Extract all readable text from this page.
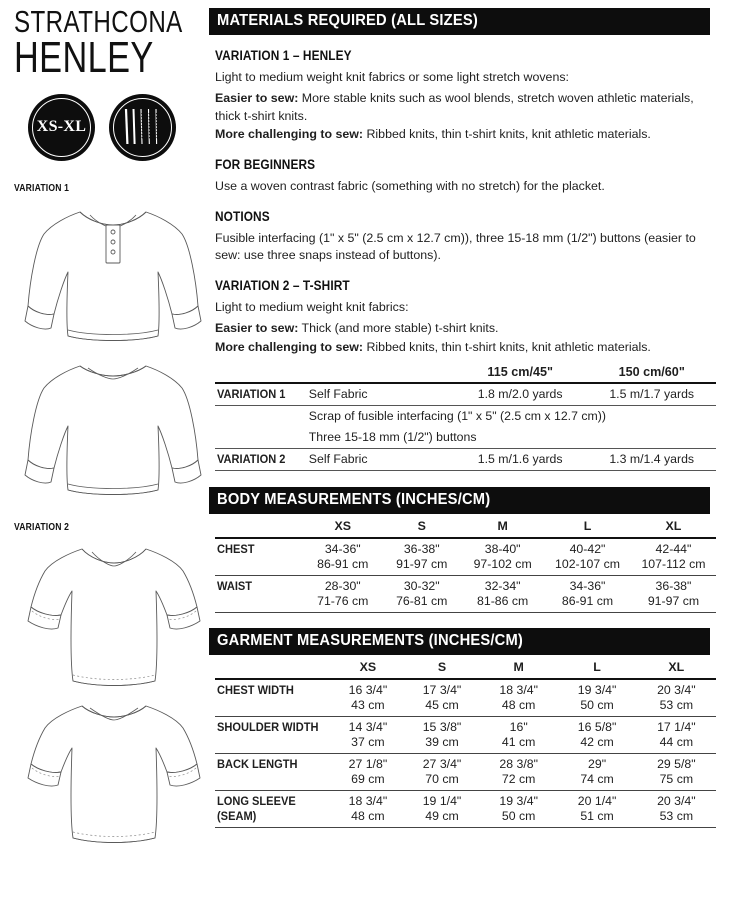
STRATHCONA
HENLEY
XS-XL
VARIATION 1
VARIATION 2
MATERIALS REQUIRED (ALL SIZES)
VARIATION 1 – HENLEY

Light to medium weight knit fabrics or some light stretch wovens:

Easier to sew: More stable knits such as wool blends, stretch woven athletic materials, thick t-shirt knits.

More challenging to sew: Ribbed knits, thin t-shirt knits, knit athletic materials.

FOR BEGINNERS

Use a woven contrast fabric (something with no stretch) for the placket.

NOTIONS

Fusible interfacing (1" x 5" (2.5 cm x 12.7 cm)), three 15-18 mm (1/2") buttons (easier to sew: use three snaps instead of buttons).

VARIATION 2 – T-SHIRT

Light to medium weight knit fabrics:

Easier to sew: Thick (and more stable) t-shirt knits.

More challenging to sew: Ribbed knits, thin t-shirt knits, knit athletic materials.

		115 cm/45"	150 cm/60"
VARIATION 1	Self Fabric	1.8 m/2.0 yards	1.5 m/1.7 yards
	Scrap of fusible interfacing (1" x 5" (2.5 cm x 12.7 cm))		
	Three 15-18 mm (1/2") buttons		
VARIATION 2	Self Fabric	1.5 m/1.6 yards	1.3 m/1.4 yards

BODY MEASUREMENTS (INCHES/CM)
	XS	S	M	L	XL
CHEST	34-36"	36-38"	38-40"	40-42"	42-44"
	86-91 cm	91-97 cm	97-102 cm	102-107 cm	107-112 cm
WAIST	28-30"	30-32"	32-34"	34-36"	36-38"
	71-76 cm	76-81 cm	81-86 cm	86-91 cm	91-97 cm

GARMENT MEASUREMENTS (INCHES/CM)
	XS	S	M	L	XL
CHEST WIDTH	16 3/4"	17 3/4"	18 3/4"	19 3/4"	20 3/4"
	43 cm	45 cm	48 cm	50 cm	53 cm
SHOULDER WIDTH	14 3/4"	15 3/8"	16"	16 5/8"	17 1/4"
	37 cm	39 cm	41 cm	42 cm	44 cm
BACK LENGTH	27 1/8"	27 3/4"	28 3/8"	29"	29 5/8"
	69 cm	70 cm	72 cm	74 cm	75 cm
LONG SLEEVE	18 3/4"	19 1/4"	19 3/4"	20 1/4"	20 3/4"
(SEAM)	48 cm	49 cm	50 cm	51 cm	53 cm
